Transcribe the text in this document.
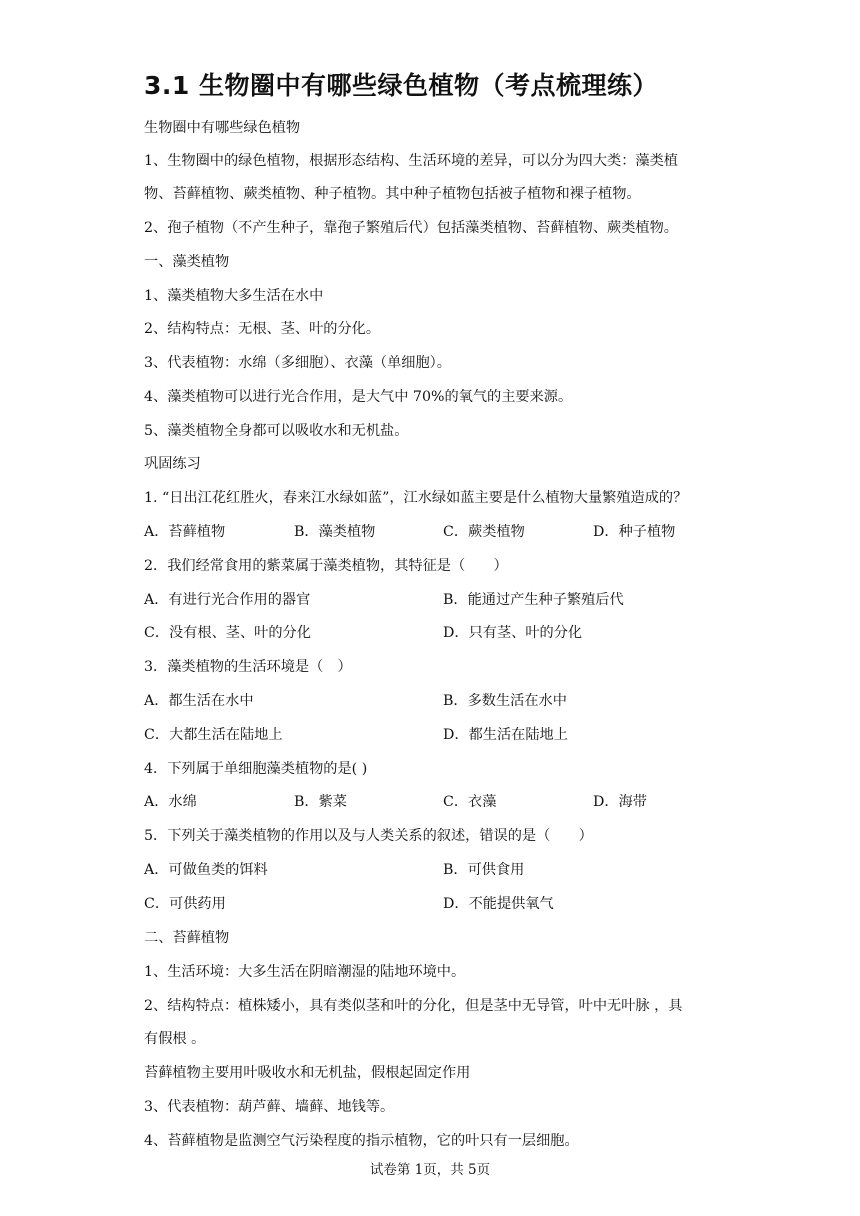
3.1 生物圈中有哪些绿色植物（考点梳理练）

生物圈中有哪些绿色植物

1、生物圈中的绿色植物，根据形态结构、生活环境的差异，可以分为四大类：藻类植

物、苔藓植物、蕨类植物、种子植物。其中种子植物包括被子植物和裸子植物。

2、孢子植物（不产生种子，靠孢子繁殖后代）包括藻类植物、苔藓植物、蕨类植物。

一、藻类植物

1、藻类植物大多生活在水中

2、结构特点：无根、茎、叶的分化。

3、代表植物：水绵（多细胞）、衣藻（单细胞）。

4、藻类植物可以进行光合作用，是大气中 70%的氧气的主要来源。

5、藻类植物全身都可以吸收水和无机盐。

巩固练习

1. “日出江花红胜火，春来江水绿如蓝”，江水绿如蓝主要是什么植物大量繁殖造成的？

A．苔藓植物	B．藻类植物	C．蕨类植物	D．种子植物

2．我们经常食用的紫菜属于藻类植物，其特征是（　　）

A．有进行光合作用的器官	B．能通过产生种子繁殖后代

C．没有根、茎、叶的分化	D．只有茎、叶的分化

3．藻类植物的生活环境是（　）

A．都生活在水中	B．多数生活在水中

C．大都生活在陆地上	D．都生活在陆地上

4．下列属于单细胞藻类植物的是( )

A．水绵	B．紫菜	C．衣藻	D．海带

5．下列关于藻类植物的作用以及与人类关系的叙述，错误的是（　　）

A．可做鱼类的饵料	B．可供食用

C．可供药用	D．不能提供氧气

二、苔藓植物

1、生活环境：大多生活在阴暗潮湿的陆地环境中。

2、结构特点：植株矮小，具有类似茎和叶的分化，但是茎中无导管，叶中无叶脉 ，具

有假根 。

苔藓植物主要用叶吸收水和无机盐，假根起固定作用

3、代表植物：葫芦藓、墙藓、地钱等。

4、苔藓植物是监测空气污染程度的指示植物，它的叶只有一层细胞。

试卷第 1页，共 5页
